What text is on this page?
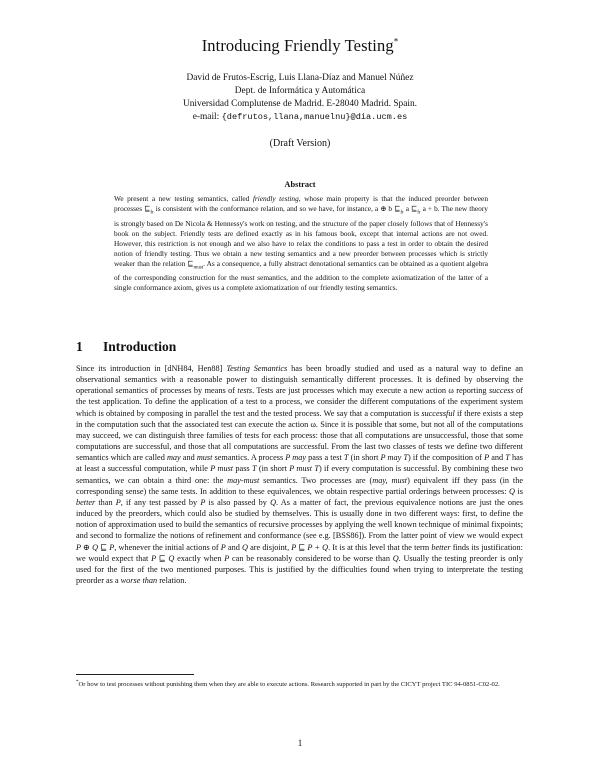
Introducing Friendly Testing*
David de Frutos-Escrig, Luis Llana-Díaz and Manuel Núñez
Dept. de Informática y Automática
Universidad Complutense de Madrid. E-28040 Madrid. Spain.
e-mail: {defrutos,llana,manuelnu}@dia.ucm.es
(Draft Version)
Abstract
We present a new testing semantics, called friendly testing, whose main property is that the induced preorder between processes $⊑_{fr}$ is consistent with the conformance relation, and so we have, for instance, a ⊕ b $⊑_{fr}$ a $⊑_{fr}$ a + b. The new theory is strongly based on De Nicola & Hennessy's work on testing, and the structure of the paper closely follows that of Hennessy's book on the subject. Friendly tests are defined exactly as in his famous book, except that internal actions are not owed. However, this restriction is not enough and we also have to relax the conditions to pass a test in order to obtain the desired notion of friendly testing. Thus we obtain a new testing semantics and a new preorder between processes which is strictly weaker than the relation $⊑_{must}$. As a consequence, a fully abstract denotational semantics can be obtained as a quotient algebra of the corresponding construction for the must semantics, and the addition to the complete axiomatization of the latter of a single conformance axiom, gives us a complete axiomatization of our friendly testing semantics.
1 Introduction

Since its introduction in [dNH84, Hen88] Testing Semantics has been broadly studied and used as a natural way to define an observational semantics with a reasonable power to distinguish semantically different processes. It is defined by observing the operational semantics of processes by means of tests. Tests are just processes which may execute a new action ω reporting success of the test application. To define the application of a test to a process, we consider the different computations of the experiment system which is obtained by composing in parallel the test and the tested process. We say that a computation is successful if there exists a step in the computation such that the associated test can execute the action ω. Since it is possible that some, but not all of the computations may succeed, we can distinguish three families of tests for each process: those that all computations are unsuccessful, those that some computations are successful, and those that all computations are successful. From the last two classes of tests we define two different semantics which are called may and must semantics. A process P may pass a test T (in short P may T) if the composition of P and T has at least a successful computation, while P must pass T (in short P must T) if every computation is successful. By combining these two semantics, we can obtain a third one: the may-must semantics. Two processes are (may, must) equivalent iff they pass (in the corresponding sense) the same tests. In addition to these equivalences, we obtain respective partial orderings between processes: Q is better than P, if any test passed by P is also passed by Q. As a matter of fact, the previous equivalence notions are just the ones induced by the preorders, which could also be studied by themselves. This is usually done in two different ways: first, to define the notion of approximation used to build the semantics of recursive processes by applying the well known technique of minimal fixpoints; and second to formalize the notions of refinement and conformance (see e.g. [BSS86]). From the latter point of view we would expect P ⊕ Q ⊑ P, whenever the initial actions of P and Q are disjoint, P ⊑ P + Q. It is at this level that the term better finds its justification: we would expect that P ⊑ Q exactly when P can be reasonably considered to be worse than Q. Usually the testing preorder is only used for the first of the two mentioned purposes. This is justified by the difficulties found when trying to interpretate the testing preorder as a worse than relation.

*Or how to test processes without punishing them when they are able to execute actions. Research supported in part by the CICYT project TIC 94-0851-C02-02.
1
